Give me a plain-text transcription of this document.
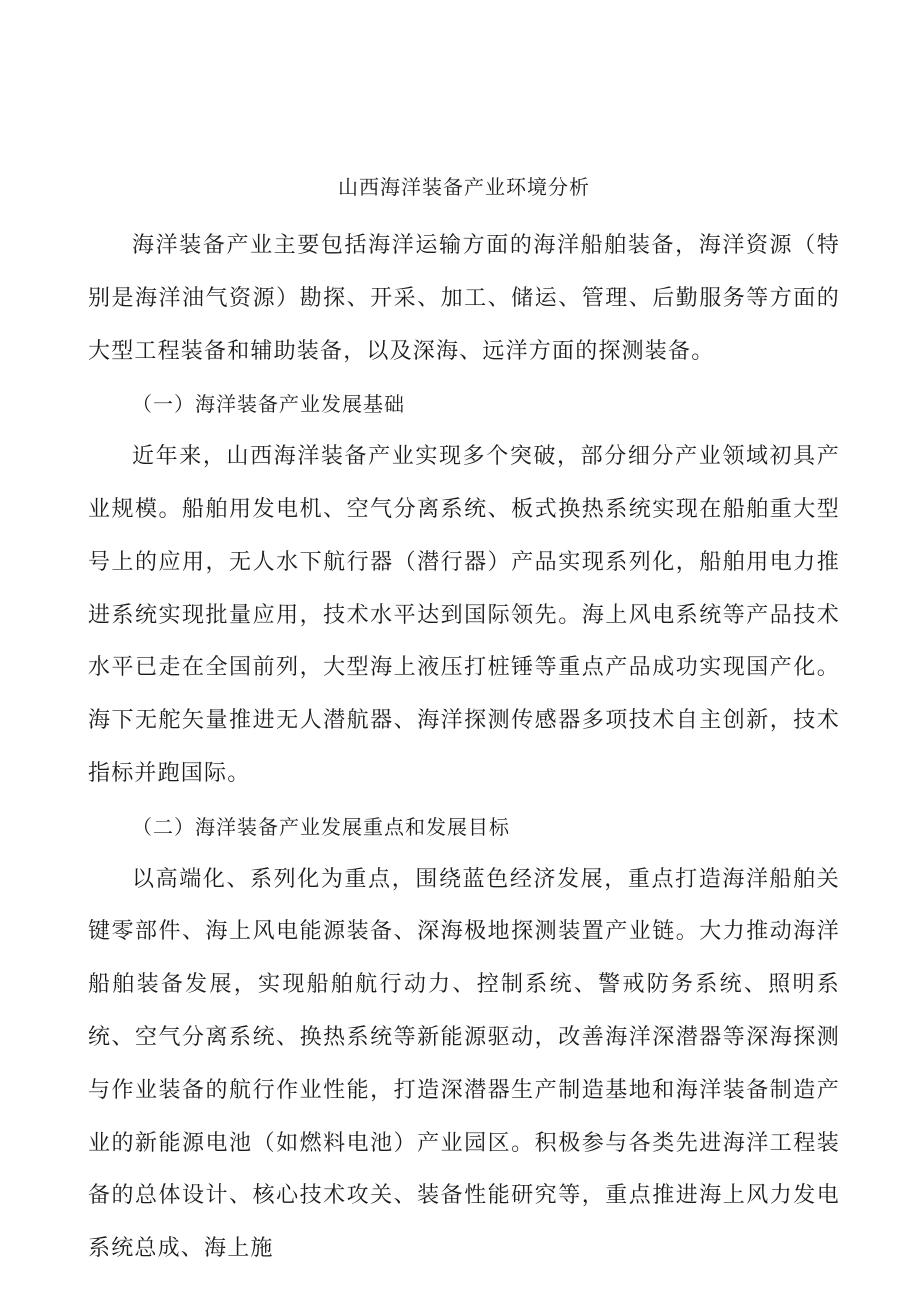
山西海洋装备产业环境分析

海洋装备产业主要包括海洋运输方面的海洋船舶装备，海洋资源（特别是海洋油气资源）勘探、开采、加工、储运、管理、后勤服务等方面的大型工程装备和辅助装备，以及深海、远洋方面的探测装备。

（一）海洋装备产业发展基础

近年来，山西海洋装备产业实现多个突破，部分细分产业领域初具产业规模。船舶用发电机、空气分离系统、板式换热系统实现在船舶重大型号上的应用，无人水下航行器（潜行器）产品实现系列化，船舶用电力推进系统实现批量应用，技术水平达到国际领先。海上风电系统等产品技术水平已走在全国前列，大型海上液压打桩锤等重点产品成功实现国产化。海下无舵矢量推进无人潜航器、海洋探测传感器多项技术自主创新，技术指标并跑国际。

（二）海洋装备产业发展重点和发展目标

以高端化、系列化为重点，围绕蓝色经济发展，重点打造海洋船舶关键零部件、海上风电能源装备、深海极地探测装置产业链。大力推动海洋船舶装备发展，实现船舶航行动力、控制系统、警戒防务系统、照明系统、空气分离系统、换热系统等新能源驱动，改善海洋深潜器等深海探测与作业装备的航行作业性能，打造深潜器生产制造基地和海洋装备制造产业的新能源电池（如燃料电池）产业园区。积极参与各类先进海洋工程装备的总体设计、核心技术攻关、装备性能研究等，重点推进海上风力发电系统总成、海上施
